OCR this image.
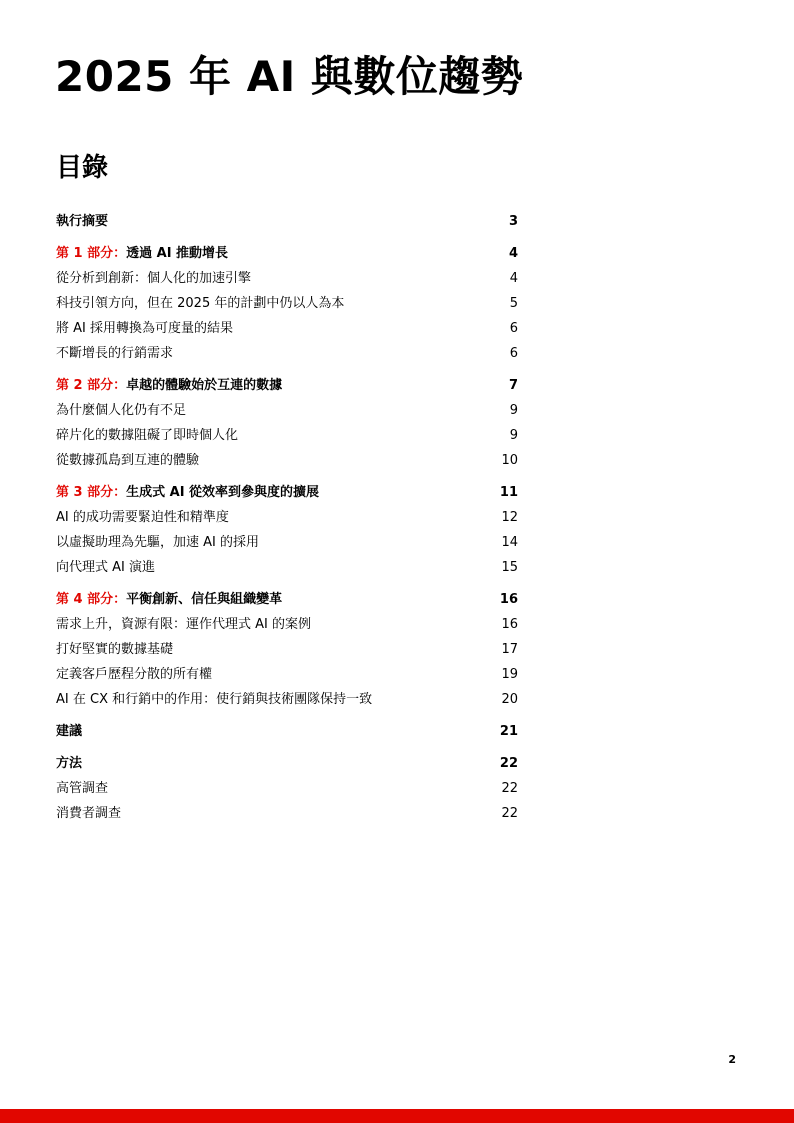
2025 年 AI 與數位趨勢
目錄
執行摘要	3
第 1 部分：透過 AI 推動增長	4
從分析到創新：個人化的加速引擎	4
科技引領方向，但在 2025 年的計劃中仍以人為本	5
將 AI 採用轉換為可度量的結果	6
不斷增長的行銷需求	6
第 2 部分：卓越的體驗始於互連的數據	7
為什麼個人化仍有不足	9
碎片化的數據阻礙了即時個人化	9
從數據孤島到互連的體驗	10
第 3 部分：生成式 AI 從效率到參與度的擴展	11
AI 的成功需要緊迫性和精準度	12
以虛擬助理為先驅，加速 AI 的採用	14
向代理式 AI 演進	15
第 4 部分：平衡創新、信任與組織變革	16
需求上升，資源有限：運作代理式 AI 的案例	16
打好堅實的數據基礎	17
定義客戶歷程分散的所有權	19
AI 在 CX 和行銷中的作用：使行銷與技術團隊保持一致	20
建議	21
方法	22
高管調查	22
消費者調查	22
2
